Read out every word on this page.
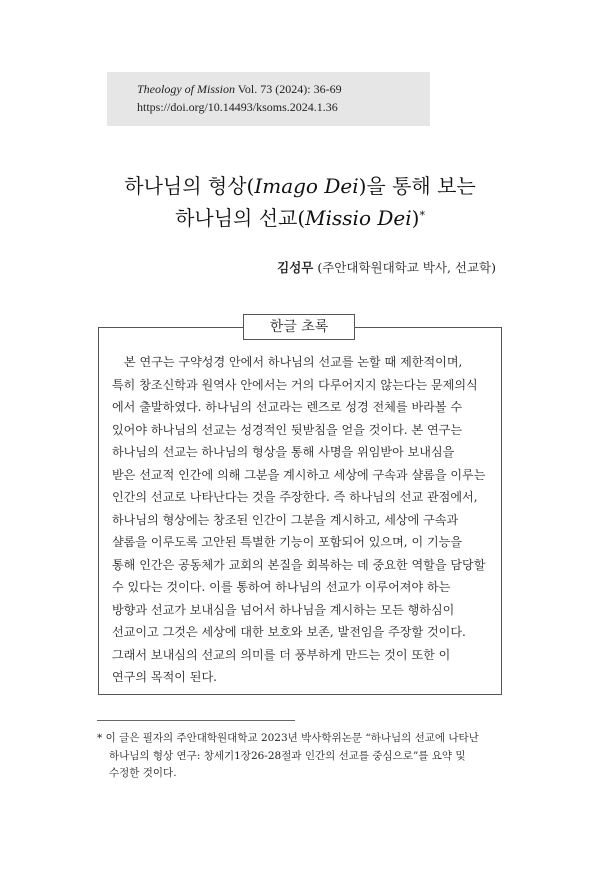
Theology of Mission Vol. 73 (2024): 36-69
https://doi.org/10.14493/ksoms.2024.1.36
하나님의 형상(Imago Dei)을 통해 보는
하나님의 선교(Missio Dei)*
김성무 (주안대학원대학교 박사, 선교학)
한글 초록
본 연구는 구약성경 안에서 하나님의 선교를 논할 때 제한적이며,
특히 창조신학과 원역사 안에서는 거의 다루어지지 않는다는 문제의식
에서 출발하였다. 하나님의 선교라는 렌즈로 성경 전체를 바라볼 수
있어야 하나님의 선교는 성경적인 뒷받침을 얻을 것이다. 본 연구는
하나님의 선교는 하나님의 형상을 통해 사명을 위임받아 보내심을
받은 선교적 인간에 의해 그분을 계시하고 세상에 구속과 샬롬을 이루는
인간의 선교로 나타난다는 것을 주장한다. 즉 하나님의 선교 관점에서,
하나님의 형상에는 창조된 인간이 그분을 계시하고, 세상에 구속과
샬롬을 이루도록 고안된 특별한 기능이 포함되어 있으며, 이 기능을
통해 인간은 공동체가 교회의 본질을 회복하는 데 중요한 역할을 담당할
수 있다는 것이다. 이를 통하여 하나님의 선교가 이루어져야 하는
방향과 선교가 보내심을 넘어서 하나님을 계시하는 모든 행하심이
선교이고 그것은 세상에 대한 보호와 보존, 발전임을 주장할 것이다.
그래서 보내심의 선교의 의미를 더 풍부하게 만드는 것이 또한 이
연구의 목적이 된다.
* 이 글은 필자의 주안대학원대학교 2023년 박사학위논문 “하나님의 선교에 나타난
하나님의 형상 연구: 창세기1장26-28절과 인간의 선교를 중심으로”를 요약 및
수정한 것이다.
